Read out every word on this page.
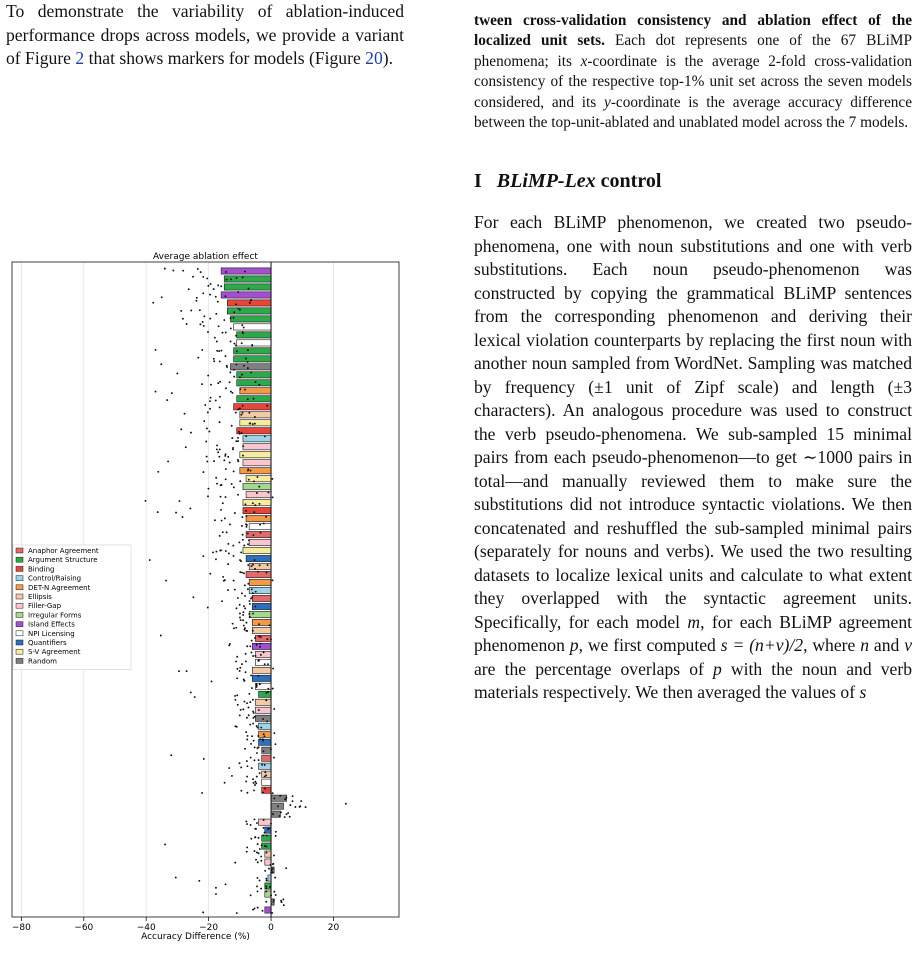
To demonstrate the variability of ablation-induced performance drops across models, we provide a variant of Figure 2 that shows markers for models (Figure 20).

Average ablation effect
−80	−60	−40	−20	0	20
Accuracy Difference (%)
Anaphor Agreement
Argument Structure
Binding
Control/Raising
DET-N Agreement
Ellipsis
Filler-Gap
Irregular Forms
Island Effects
NPI Licensing
Quantifiers
S-V Agreement
Random

tween cross-validation consistency and ablation effect of the localized unit sets. Each dot represents one of the 67 BLiMP phenomena; its x-coordinate is the average 2-fold cross-validation consistency of the respective top-1% unit set across the seven models considered, and its y-coordinate is the average accuracy difference between the top-unit-ablated and unablated model across the 7 models.

I BLiMP-Lex control

For each BLiMP phenomenon, we created two pseudo-phenomena, one with noun substitutions and one with verb substitutions. Each noun pseudo-phenomenon was constructed by copying the grammatical BLiMP sentences from the corresponding phenomenon and deriving their lexical violation counterparts by replacing the first noun with another noun sampled from WordNet. Sampling was matched by frequency (±1 unit of Zipf scale) and length (±3 characters). An analogous procedure was used to construct the verb pseudo-phenomena. We sub-sampled 15 minimal pairs from each pseudo-phenomenon—to get ∼1000 pairs in total—and manually reviewed them to make sure the substitutions did not introduce syntactic violations. We then concatenated and reshuffled the sub-sampled minimal pairs (separately for nouns and verbs). We used the two resulting datasets to localize lexical units and calculate to what extent they overlapped with the syntactic agreement units. Specifically, for each model m, for each BLiMP agreement phenomenon p, we first computed s = (n+v)/2, where n and v are the percentage overlaps of p with the noun and verb materials respectively. We then averaged the values of s
